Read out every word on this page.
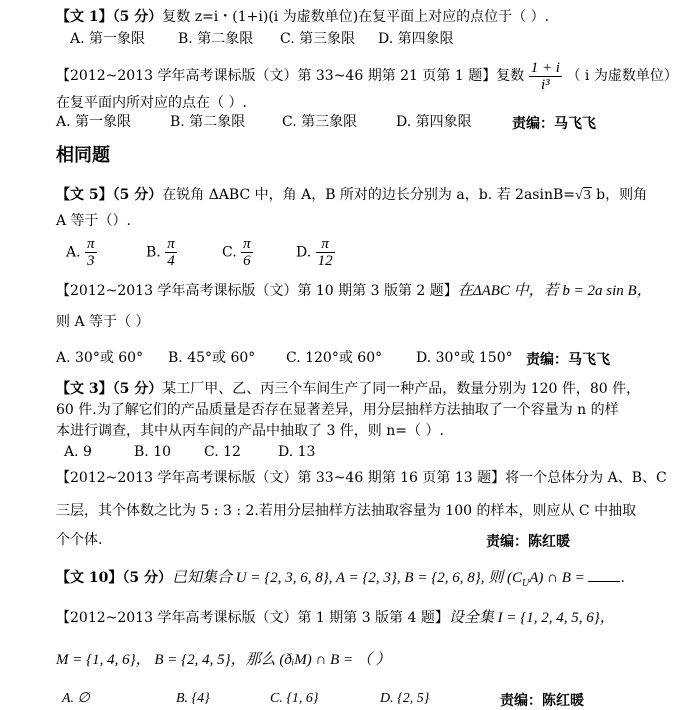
【文 1】（5 分）复数 z=i・(1+i)(i 为虚数单位)在复平面上对应的点位于（ ）.
A. 第一象限 B. 第二象限 C. 第三象限 D. 第四象限
【2012~2013 学年高考课标版（文）第 33~46 期第 21 页第 1 题】复数 $\frac{1 + i}{\text{i³}}$ （ i 为虚数单位）
在复平面内所对应的点在（ ）.
A. 第一象限	B. 第二象限	C. 第三象限	D. 第四象限	责编：马飞飞
相同题
【文 5】（5 分）在锐角 ΔABC 中，角 A，B 所对的边长分别为 a，b. 若 2asinB=√3 b，则角
A 等于（）.
A. $\frac{\pi}{3}$	B. $\frac{\pi}{4}$	C. $\frac{\pi}{6}$	D. $\frac{\pi}{12}$
【2012~2013 学年高考课标版（文）第 10 期第 3 版第 2 题】在ΔABC 中，若 b = 2a sin B，
则 A 等于（ ）
A. 30°或 60° B. 45°或 60° C. 120°或 60° D. 30°或 150° 责编：马飞飞
【文 3】（5 分）某工厂甲、乙、丙三个车间生产了同一种产品，数量分别为 120 件，80 件，
60 件.为了解它们的产品质量是否存在显著差异，用分层抽样方法抽取了一个容量为 n 的样
本进行调查，其中从丙车间的产品中抽取了 3 件，则 n=（ ）.
A. 9	B. 10 C. 12	D. 13
【2012~2013 学年高考课标版（文）第 33~46 期第 16 页第 13 题】将一个总体分为 A、B、C
三层，其个体数之比为 5 : 3 : 2.若用分层抽样方法抽取容量为 100 的样本，则应从 C 中抽取
个个体.	责编：陈红暖
【文 10】（5 分）已知集合 U = {2, 3, 6, 8}, A = {2, 3}, B = {2, 6, 8}, 则 $(C_UA)$ ∩ B = .
【2012~2013 学年高考课标版（文）第 1 期第 3 版第 4 题】设全集 I = {1, 2, 4, 5, 6}，
M = {1, 4, 6}， B = {2, 4, 5}，那么 (ðᵢM) ∩ B = （ ）
A. ∅	B. {4}	C. {1, 6}	D. {2, 5}	责编：陈红暖
